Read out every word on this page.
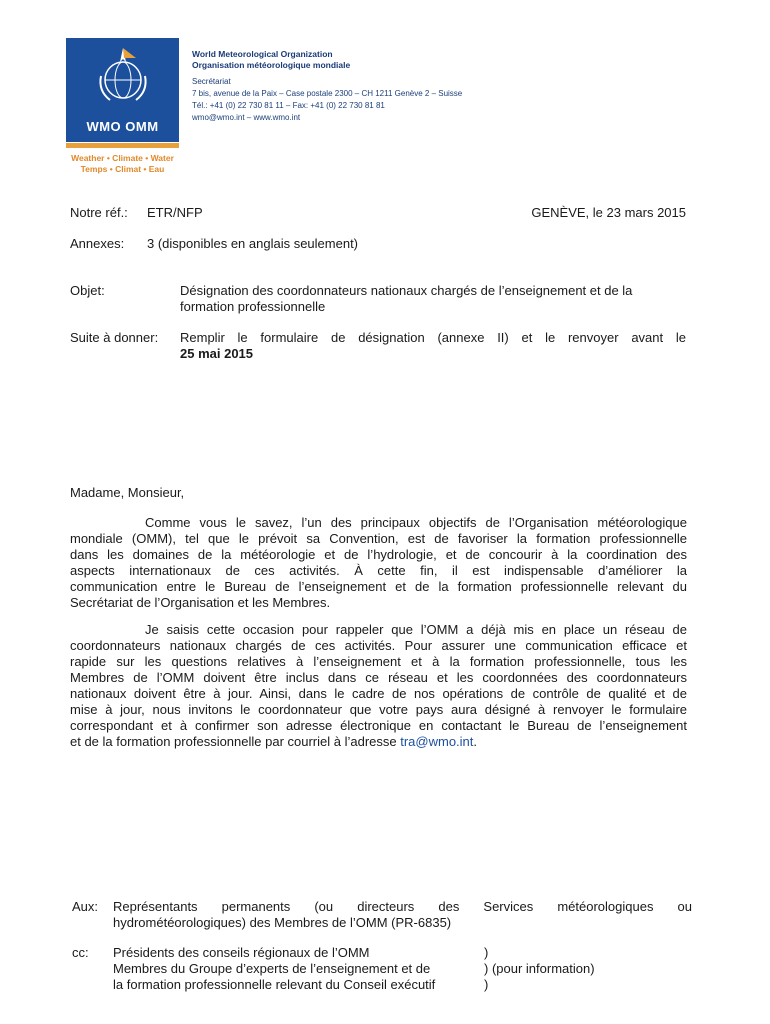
WMO OMM
Weather • Climate • Water
Temps • Climat • Eau
World Meteorological Organization
Organisation météorologique mondiale
Secrétariat
7 bis, avenue de la Paix – Case postale 2300 – CH 1211 Genève 2 – Suisse
Tél.: +41 (0) 22 730 81 11 – Fax: +41 (0) 22 730 81 81
wmo@wmo.int – www.wmo.int
Notre réf.: ETR/NFP	GENÈVE, le 23 mars 2015
Annexes: 3 (disponibles en anglais seulement)
Objet:	Désignation des coordonnateurs nationaux chargés de l’enseignement et de la
formation professionnelle
Suite à donner: Remplir le formulaire de désignation (annexe II) et le renvoyer avant le
25 mai 2015
Madame, Monsieur,
Comme vous le savez, l’un des principaux objectifs de l’Organisation météorologique
mondiale (OMM), tel que le prévoit sa Convention, est de favoriser la formation professionnelle
dans les domaines de la météorologie et de l’hydrologie, et de concourir à la coordination des
aspects internationaux de ces activités. À cette fin, il est indispensable d’améliorer la
communication entre le Bureau de l’enseignement et de la formation professionnelle relevant du
Secrétariat de l’Organisation et les Membres.
Je saisis cette occasion pour rappeler que l’OMM a déjà mis en place un réseau de
coordonnateurs nationaux chargés de ces activités. Pour assurer une communication efficace et
rapide sur les questions relatives à l’enseignement et à la formation professionnelle, tous les
Membres de l’OMM doivent être inclus dans ce réseau et les coordonnées des coordonnateurs
nationaux doivent être à jour. Ainsi, dans le cadre de nos opérations de contrôle de qualité et de
mise à jour, nous invitons le coordonnateur que votre pays aura désigné à renvoyer le formulaire
correspondant et à confirmer son adresse électronique en contactant le Bureau de l’enseignement
et de la formation professionnelle par courriel à l’adresse tra@wmo.int.
Aux: Représentants permanents (ou directeurs des Services météorologiques ou
hydrométéorologiques) des Membres de l’OMM (PR-6835)
cc: Présidents des conseils régionaux de l’OMM
Membres du Groupe d’experts de l’enseignement et de
la formation professionnelle relevant du Conseil exécutif
)
) (pour information)
)
